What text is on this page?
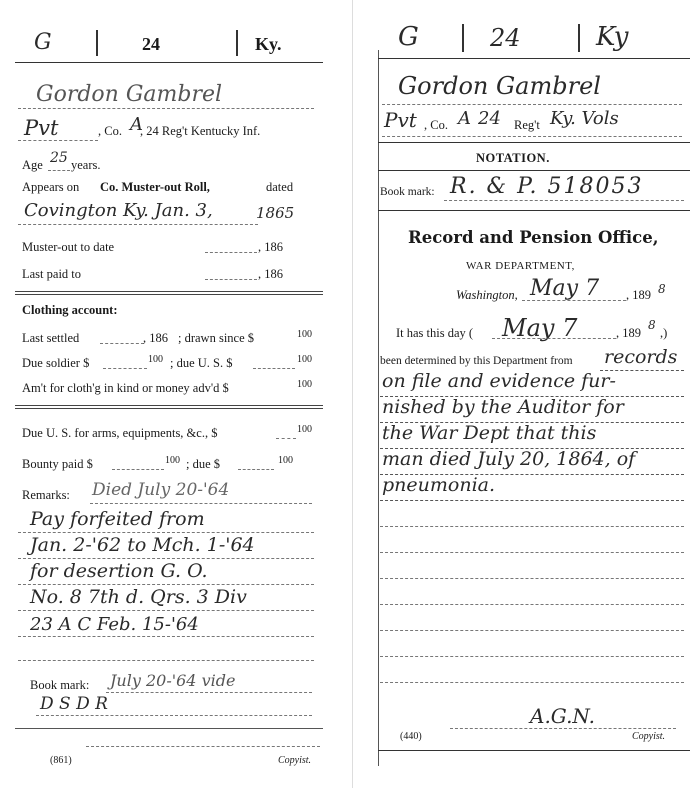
G	24	Ky.
Gordon Gambrel
Pvt	, Co. A
, 24 Reg't Kentucky Inf.
Age 25 years.
Appears on Co. Muster-out Roll,	dated
Covington Ky. Jan. 3,	1865
Muster-out to date	, 186
Last paid to	, 186
Clothing account:
Last settled	, 186 ; drawn since $	100
Due soldier $	100 ; due U. S. $	100
Am't for cloth'g in kind or money adv'd $	100
Due U. S. for arms, equipments, &c., $	100
Bounty paid $	100 ; due $	100
Remarks: Died July 20-'64
Pay forfeited from
Jan. 2-'62 to Mch. 1-'64
for desertion G. O.
No. 8 7th d. Qrs. 3 Div
23 A C Feb. 15-'64
Book mark: July 20-'64 vide
D S D R
(861)	Copyist.
G	24	Ky
Gordon Gambrel
Pvt , Co. A 24 Reg't Ky. Vols
NOTATION.
Book mark: R. & P. 518053
Record and Pension Office,
WAR DEPARTMENT,
Washington, May 7 , 189 8
It has this day ( May 7	, 189
8
,)
been determined by this Department from records
on file and evidence fur-
nished by the Auditor for
the War Dept that this
man died July 20, 1864, of
pneumonia.
A.G.N.
(440)	Copyist.
